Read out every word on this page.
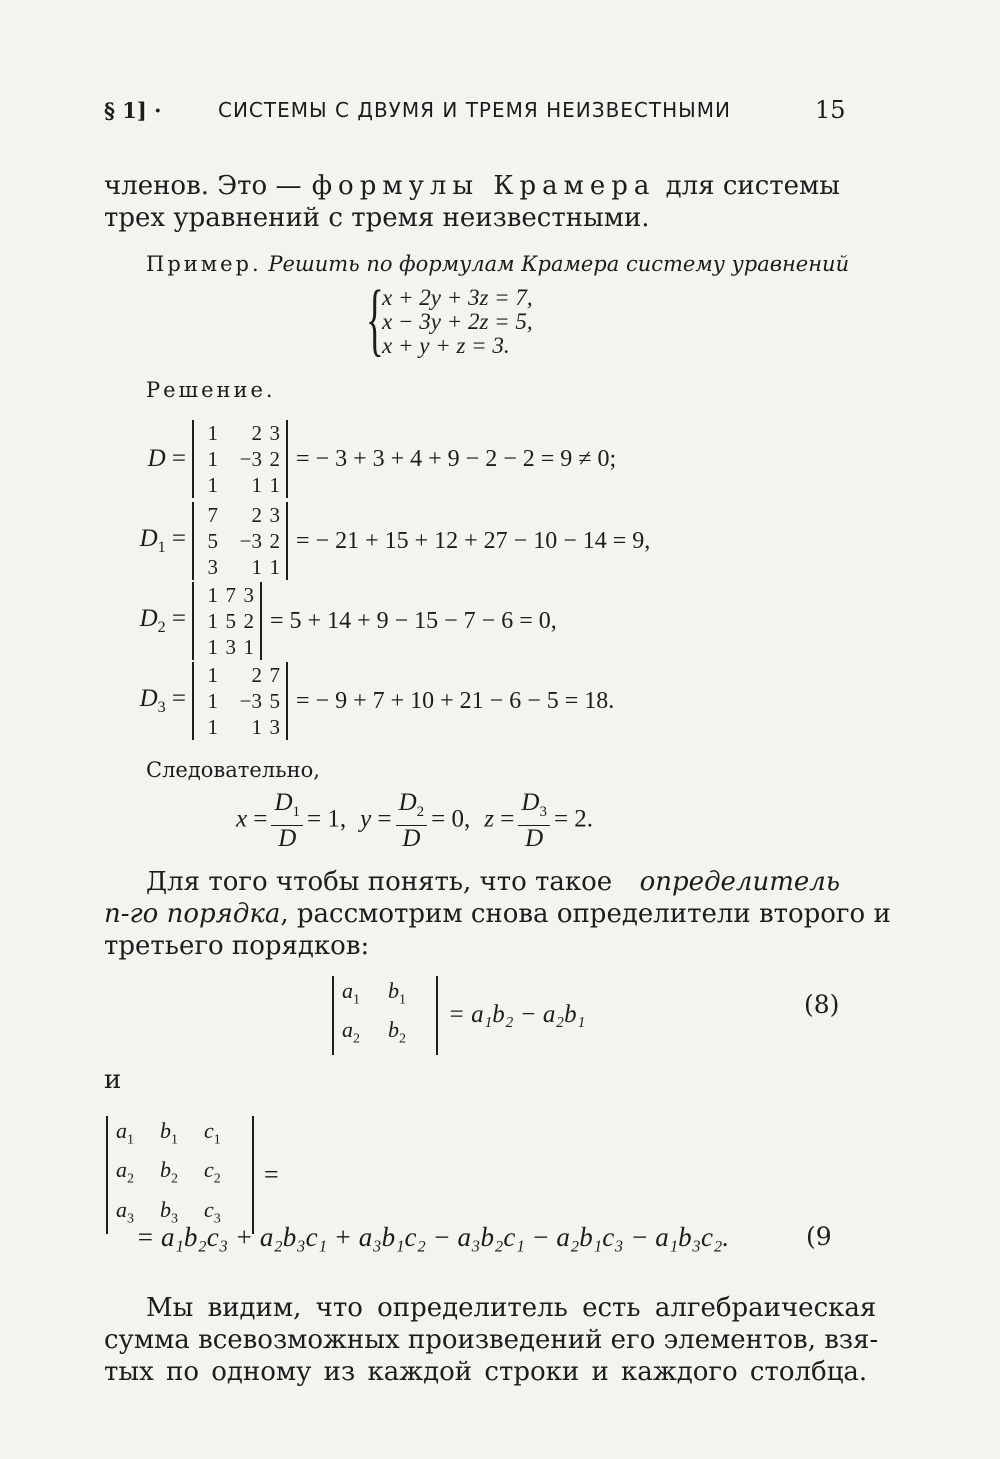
§ 1] ·	СИСТЕМЫ С ДВУМЯ И ТРЕМЯ НЕИЗВЕСТНЫМИ	15
членов. Это — формулы Крамера для системы
трех уравнений с тремя неизвестными.
Пример. Решить по формулам Крамера систему уравнений
{
x + 2y + 3z = 7,
x − 3y + 2z = 5,
x + y + z = 3.
Решение.
D =
1	2 3
1	−3 2
1	1 1
= − 3 + 3 + 4 + 9 − 2 − 2 = 9 ≠ 0;
$D_1$ =
7	2 3
5	−3 2
3	1 1
= − 21 + 15 + 12 + 27 − 10 − 14 = 9,
$D_2$ =
1 7 3
1 5 2
1 3 1
= 5 + 14 + 9 − 15 − 7 − 6 = 0,
$D_3$ =
1	2 7
1	−3 5
1	1 3
= − 9 + 7 + 10 + 21 − 6 − 5 = 18.
Следовательно,
$x = \frac{D_1}{D} = 1$, $y = \frac{D_2}{D} = 0$, $z = \frac{D_3}{D} = 2$.
Для того чтобы понять, что такое определитель
n-го порядка, рассмотрим снова определители второго и
третьего порядков:
$a_1$	$b_1$
$a_2$	$b_2$
= a₁b₂ − a₂b₁	(8)
и
$a_1$	$b_1$	$c_1$
$a_2$	$b_2$	$c_2$
$a_3$	$b_3$	$c_3$
=
= a₁b₂c₃ + a₂b₃c₁ + a₃b₁c₂ − a₃b₂c₁ − a₂b₁c₃ − a₁b₃c₂.	(9
Мы видим, что определитель есть алгебраическая
сумма всевозможных произведений его элементов, взя-
тых по одному из каждой строки и каждого столбца.
